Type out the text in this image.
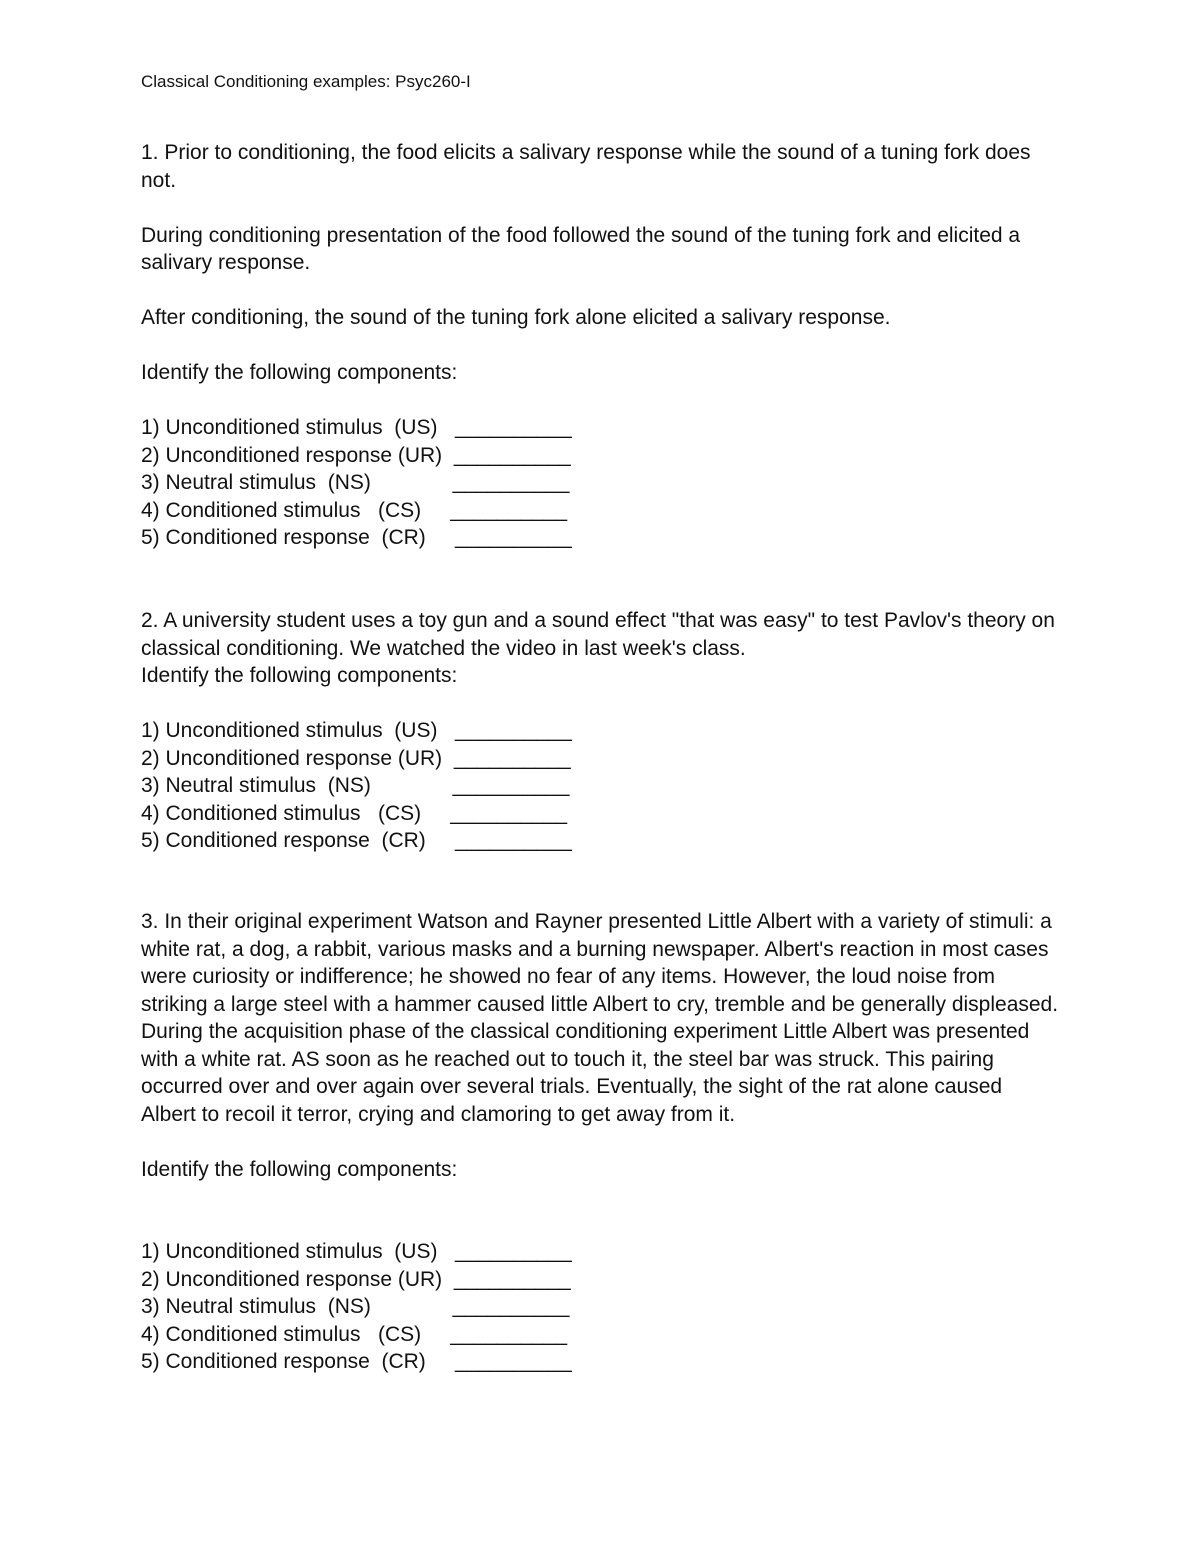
Classical Conditioning examples: Psyc260-I

1. Prior to conditioning, the food elicits a salivary response while the sound of a tuning fork does not.

During conditioning presentation of the food followed the sound of the tuning fork and elicited a salivary response.

After conditioning, the sound of the tuning fork alone elicited a salivary response.

Identify the following components:

1) Unconditioned stimulus  (US) __________
2) Unconditioned response (UR) __________
3) Neutral stimulus  (NS) __________
4) Conditioned stimulus   (CS) __________
5) Conditioned response  (CR) __________

2. A university student uses a toy gun and a sound effect "that was easy" to test Pavlov's theory on classical conditioning. We watched the video in last week's class.

Identify the following components:

1) Unconditioned stimulus  (US) __________
2) Unconditioned response (UR) __________
3) Neutral stimulus  (NS) __________
4) Conditioned stimulus   (CS) __________
5) Conditioned response  (CR) __________

3. In their original experiment Watson and Rayner presented Little Albert with a variety of stimuli: a white rat, a dog, a rabbit, various masks and a burning newspaper. Albert's reaction in most cases were curiosity or indifference; he showed no fear of any items. However, the loud noise from striking a large steel with a hammer caused little Albert to cry, tremble and be generally displeased. During the acquisition phase of the classical conditioning experiment Little Albert was presented with a white rat. AS soon as he reached out to touch it, the steel bar was struck. This pairing occurred over and over again over several trials. Eventually, the sight of the rat alone caused Albert to recoil it terror, crying and clamoring to get away from it.

Identify the following components:

1) Unconditioned stimulus  (US) __________
2) Unconditioned response (UR) __________
3) Neutral stimulus  (NS) __________
4) Conditioned stimulus   (CS) __________
5) Conditioned response  (CR) __________
